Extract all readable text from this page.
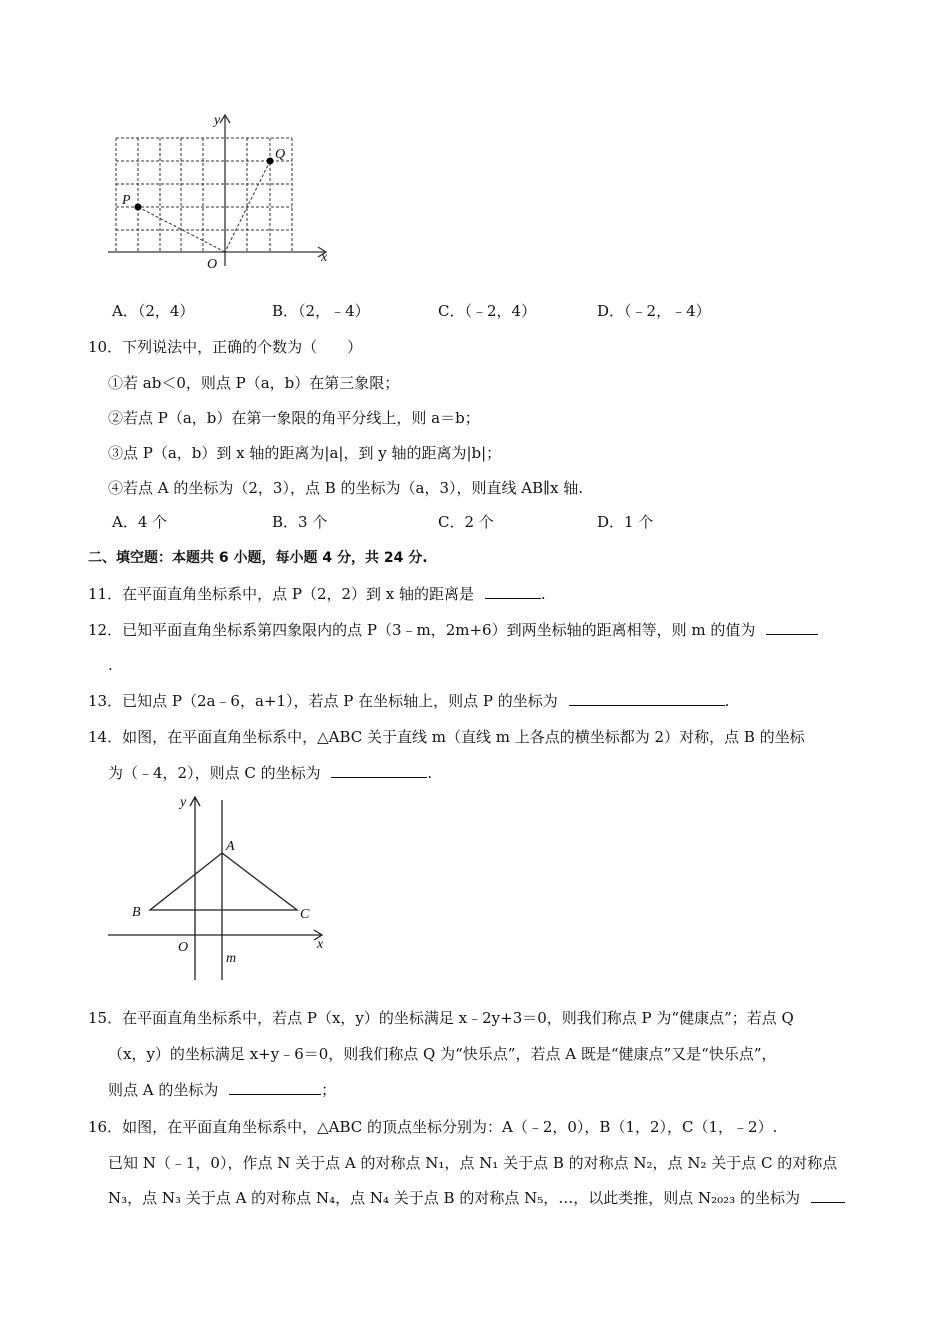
y
x
O
P
Q
A．（2，4）	B．（2，﹣4）	C．（﹣2，4）	D．（﹣2，﹣4）
10．下列说法中，正确的个数为（　　）
①若 ab＜0，则点 P（a，b）在第三象限；
②若点 P（a，b）在第一象限的角平分线上，则 a＝b；
③点 P（a，b）到 x 轴的距离为|a|，到 y 轴的距离为|b|；
④若点 A 的坐标为（2，3），点 B 的坐标为（a，3），则直线 AB∥x 轴.
A．4 个	B．3 个	C．2 个	D．1 个
二、填空题：本题共 6 小题，每小题 4 分，共 24 分.
11．在平面直角坐标系中，点 P（2，2）到 x 轴的距离是	.
12．已知平面直角坐标系第四象限内的点 P（3﹣m，2m+6）到两坐标轴的距离相等，则 m 的值为
.
13．已知点 P（2a﹣6，a+1），若点 P 在坐标轴上，则点 P 的坐标为	.
14．如图，在平面直角坐标系中，△ABC 关于直线 m（直线 m 上各点的横坐标都为 2）对称，点 B 的坐标
为（﹣4，2），则点 C 的坐标为	.
y
x
O
m
A
B	C
15．在平面直角坐标系中，若点 P（x，y）的坐标满足 x﹣2y+3＝0，则我们称点 P 为“健康点”；若点 Q
（x，y）的坐标满足 x+y﹣6＝0，则我们称点 Q 为“快乐点”，若点 A 既是“健康点”又是“快乐点”，
则点 A 的坐标为	；
16．如图，在平面直角坐标系中，△ABC 的顶点坐标分别为：A（﹣2，0），B（1，2），C（1，﹣2）.
已知 N（﹣1，0），作点 N 关于点 A 的对称点 N₁，点 N₁ 关于点 B 的对称点 N₂，点 N₂ 关于点 C 的对称点
N₃，点 N₃ 关于点 A 的对称点 N₄，点 N₄ 关于点 B 的对称点 N₅，…，以此类推，则点 N₂₀₂₃ 的坐标为
